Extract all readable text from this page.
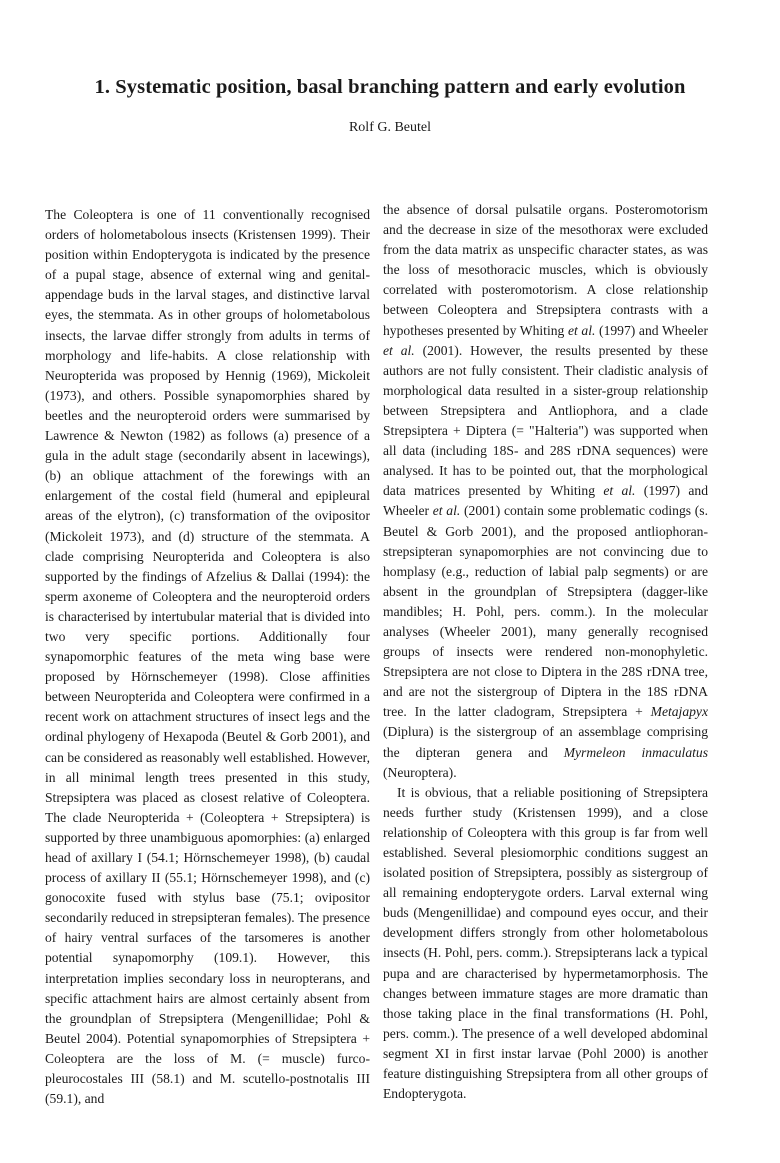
1. Systematic position, basal branching pattern and early evolution
Rolf G. Beutel

The Coleoptera is one of 11 conventionally recognised orders of holometabolous insects (Kristensen 1999). Their position within Endopterygota is indicated by the presence of a pupal stage, absence of external wing and genital-appendage buds in the larval stages, and distinctive larval eyes, the stemmata. As in other groups of holometabolous insects, the larvae differ strongly from adults in terms of morphology and life-habits. A close relationship with Neuropterida was proposed by Hennig (1969), Mickoleit (1973), and others. Possible synapomorphies shared by beetles and the neuropteroid orders were summarised by Lawrence & Newton (1982) as follows (a) presence of a gula in the adult stage (secondarily absent in lacewings), (b) an oblique attachment of the forewings with an enlargement of the costal field (humeral and epipleural areas of the elytron), (c) transformation of the ovipositor (Mickoleit 1973), and (d) structure of the stemmata. A clade comprising Neuropterida and Coleoptera is also supported by the findings of Afzelius & Dallai (1994): the sperm axoneme of Coleoptera and the neuropteroid orders is characterised by intertubular material that is divided into two very specific portions. Additionally four synapomorphic features of the meta wing base were proposed by Hörnschemeyer (1998). Close affinities between Neuropterida and Coleoptera were confirmed in a recent work on attachment structures of insect legs and the ordinal phylogeny of Hexapoda (Beutel & Gorb 2001), and can be considered as reasonably well established. However, in all minimal length trees presented in this study, Strepsiptera was placed as closest relative of Coleoptera. The clade Neuropterida + (Coleoptera + Strepsiptera) is supported by three unambiguous apomorphies: (a) enlarged head of axillary I (54.1; Hörnschemeyer 1998), (b) caudal process of axillary II (55.1; Hörnschemeyer 1998), and (c) gonocoxite fused with stylus base (75.1; ovipositor secondarily reduced in strepsipteran females). The presence of hairy ventral surfaces of the tarsomeres is another potential synapomorphy (109.1). However, this interpretation implies secondary loss in neuropterans, and specific attachment hairs are almost certainly absent from the groundplan of Strepsiptera (Mengenillidae; Pohl & Beutel 2004). Potential synapomorphies of Strepsiptera + Coleoptera are the loss of M. (= muscle) furco-pleurocostales III (58.1) and M. scutello-postnotalis III (59.1), and

the absence of dorsal pulsatile organs. Posteromotorism and the decrease in size of the mesothorax were excluded from the data matrix as unspecific character states, as was the loss of mesothoracic muscles, which is obviously correlated with posteromotorism. A close relationship between Coleoptera and Strepsiptera contrasts with a hypotheses presented by Whiting et al. (1997) and Wheeler et al. (2001). However, the results presented by these authors are not fully consistent. Their cladistic analysis of morphological data resulted in a sister-group relationship between Strepsiptera and Antliophora, and a clade Strepsiptera + Diptera (= "Halteria") was supported when all data (including 18S- and 28S rDNA sequences) were analysed. It has to be pointed out, that the morphological data matrices presented by Whiting et al. (1997) and Wheeler et al. (2001) contain some problematic codings (s. Beutel & Gorb 2001), and the proposed antliophoran-strepsipteran synapomorphies are not convincing due to homplasy (e.g., reduction of labial palp segments) or are absent in the groundplan of Strepsiptera (dagger-like mandibles; H. Pohl, pers. comm.). In the molecular analyses (Wheeler 2001), many generally recognised groups of insects were rendered non-monophyletic. Strepsiptera are not close to Diptera in the 28S rDNA tree, and are not the sistergroup of Diptera in the 18S rDNA tree. In the latter cladogram, Strepsiptera + Metajapyx (Diplura) is the sistergroup of an assemblage comprising the dipteran genera and Myrmeleon inmaculatus (Neuroptera).

It is obvious, that a reliable positioning of Strepsiptera needs further study (Kristensen 1999), and a close relationship of Coleoptera with this group is far from well established. Several plesiomorphic conditions suggest an isolated position of Strepsiptera, possibly as sistergroup of all remaining endopterygote orders. Larval external wing buds (Mengenillidae) and compound eyes occur, and their development differs strongly from other holometabolous insects (H. Pohl, pers. comm.). Strepsipterans lack a typical pupa and are characterised by hypermetamorphosis. The changes between immature stages are more dramatic than those taking place in the final transformations (H. Pohl, pers. comm.). The presence of a well developed abdominal segment XI in first instar larvae (Pohl 2000) is another feature distinguishing Strepsiptera from all other groups of Endopterygota.
